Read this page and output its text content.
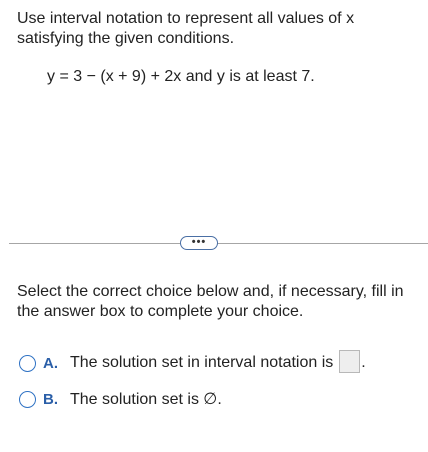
Use interval notation to represent all values of x satisfying the given conditions.
y = 3 − (x + 9) + 2x and y is at least 7.
•••
Select the correct choice below and, if necessary, fill in the answer box to complete your choice.
A. The solution set in interval notation is .
B. The solution set is ∅.
